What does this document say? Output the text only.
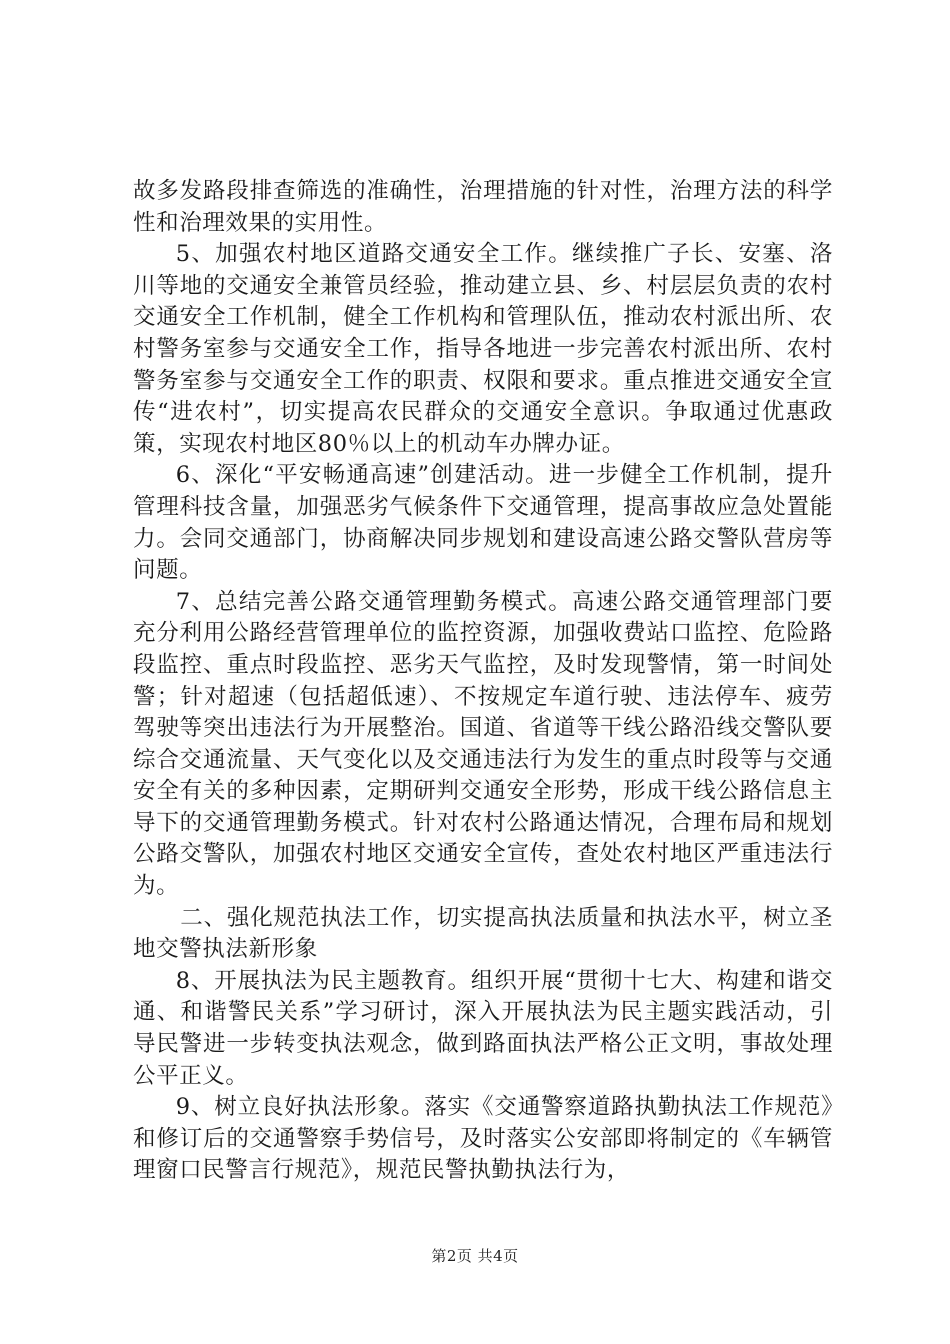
故多发路段排查筛选的准确性，治理措施的针对性，治理方法的科学性和治理效果的实用性。

5、加强农村地区道路交通安全工作。继续推广子长、安塞、洛川等地的交通安全兼管员经验，推动建立县、乡、村层层负责的农村交通安全工作机制，健全工作机构和管理队伍，推动农村派出所、农村警务室参与交通安全工作，指导各地进一步完善农村派出所、农村警务室参与交通安全工作的职责、权限和要求。重点推进交通安全宣传“进农村”，切实提高农民群众的交通安全意识。争取通过优惠政策，实现农村地区80％以上的机动车办牌办证。

6、深化“平安畅通高速”创建活动。进一步健全工作机制，提升管理科技含量，加强恶劣气候条件下交通管理，提高事故应急处置能力。会同交通部门，协商解决同步规划和建设高速公路交警队营房等问题。

7、总结完善公路交通管理勤务模式。高速公路交通管理部门要充分利用公路经营管理单位的监控资源，加强收费站口监控、危险路段监控、重点时段监控、恶劣天气监控，及时发现警情，第一时间处警；针对超速（包括超低速）、不按规定车道行驶、违法停车、疲劳驾驶等突出违法行为开展整治。国道、省道等干线公路沿线交警队要综合交通流量、天气变化以及交通违法行为发生的重点时段等与交通安全有关的多种因素，定期研判交通安全形势，形成干线公路信息主导下的交通管理勤务模式。针对农村公路通达情况，合理布局和规划公路交警队，加强农村地区交通安全宣传，查处农村地区严重违法行为。

二、强化规范执法工作，切实提高执法质量和执法水平，树立圣地交警执法新形象

8、开展执法为民主题教育。组织开展“贯彻十七大、构建和谐交通、和谐警民关系”学习研讨，深入开展执法为民主题实践活动，引导民警进一步转变执法观念，做到路面执法严格公正文明，事故处理公平正义。

9、树立良好执法形象。落实《交通警察道路执勤执法工作规范》和修订后的交通警察手势信号，及时落实公安部即将制定的《车辆管理窗口民警言行规范》，规范民警执勤执法行为，

第2页 共4页
